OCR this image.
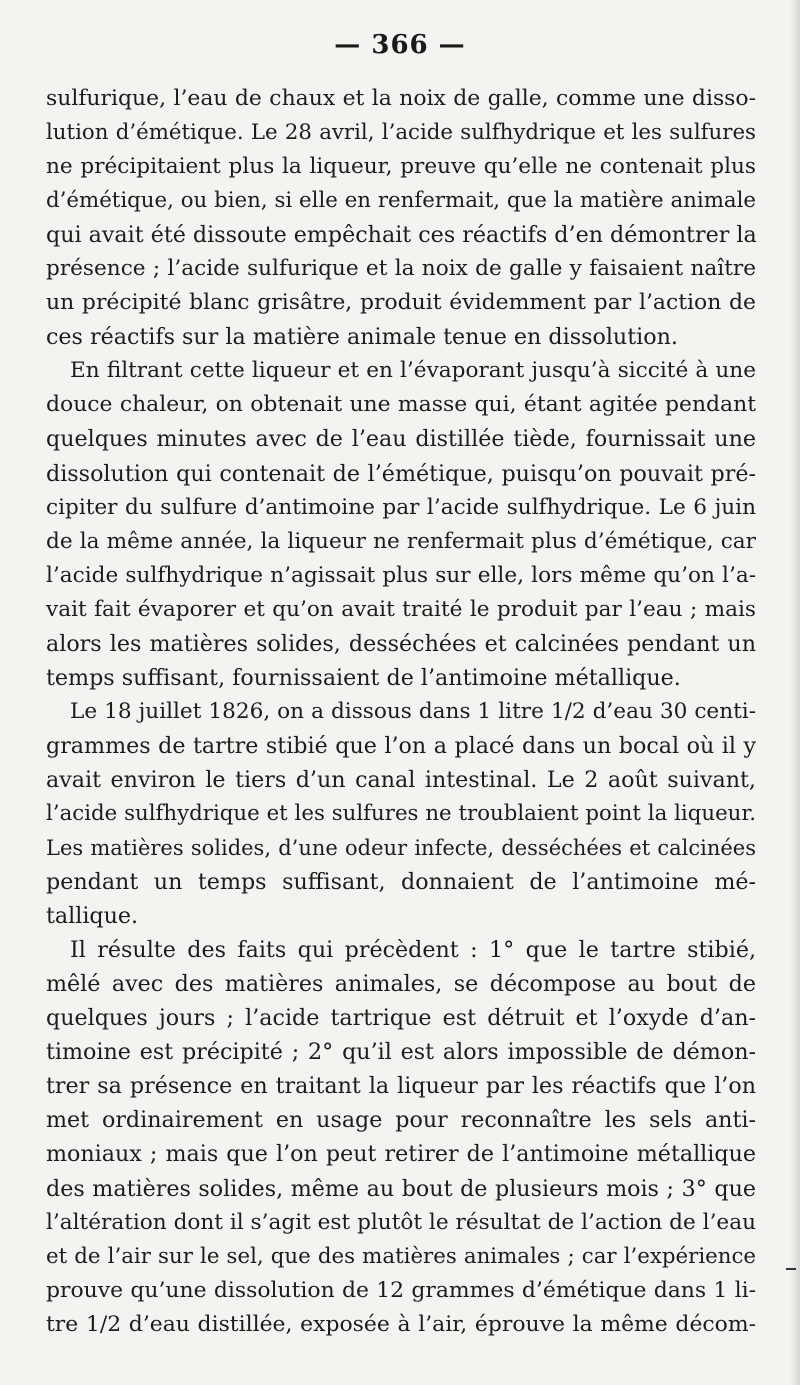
— 366 —
sulfurique, l’eau de chaux et la noix de galle, comme une disso-
lution d’émétique. Le 28 avril, l’acide sulfhydrique et les sulfures
ne précipitaient plus la liqueur, preuve qu’elle ne contenait plus
d’émétique, ou bien, si elle en renfermait, que la matière animale
qui avait été dissoute empêchait ces réactifs d’en démontrer la
présence ; l’acide sulfurique et la noix de galle y faisaient naître
un précipité blanc grisâtre, produit évidemment par l’action de
ces réactifs sur la matière animale tenue en dissolution.
En filtrant cette liqueur et en l’évaporant jusqu’à siccité à une
douce chaleur, on obtenait une masse qui, étant agitée pendant
quelques minutes avec de l’eau distillée tiède, fournissait une
dissolution qui contenait de l’émétique, puisqu’on pouvait pré-
cipiter du sulfure d’antimoine par l’acide sulfhydrique. Le 6 juin
de la même année, la liqueur ne renfermait plus d’émétique, car
l’acide sulfhydrique n’agissait plus sur elle, lors même qu’on l’a-
vait fait évaporer et qu’on avait traité le produit par l’eau ; mais
alors les matières solides, desséchées et calcinées pendant un
temps suffisant, fournissaient de l’antimoine métallique.
Le 18 juillet 1826, on a dissous dans 1 litre 1/2 d’eau 30 centi-
grammes de tartre stibié que l’on a placé dans un bocal où il y
avait environ le tiers d’un canal intestinal. Le 2 août suivant,
l’acide sulfhydrique et les sulfures ne troublaient point la liqueur.
Les matières solides, d’une odeur infecte, desséchées et calcinées
pendant un temps suffisant, donnaient de l’antimoine mé-
tallique.
Il résulte des faits qui précèdent : 1° que le tartre stibié,
mêlé avec des matières animales, se décompose au bout de
quelques jours ; l’acide tartrique est détruit et l’oxyde d’an-
timoine est précipité ; 2° qu’il est alors impossible de démon-
trer sa présence en traitant la liqueur par les réactifs que l’on
met ordinairement en usage pour reconnaître les sels anti-
moniaux ; mais que l’on peut retirer de l’antimoine métallique
des matières solides, même au bout de plusieurs mois ; 3° que
l’altération dont il s’agit est plutôt le résultat de l’action de l’eau
et de l’air sur le sel, que des matières animales ; car l’expérience
prouve qu’une dissolution de 12 grammes d’émétique dans 1 li-
tre 1/2 d’eau distillée, exposée à l’air, éprouve la même décom-
